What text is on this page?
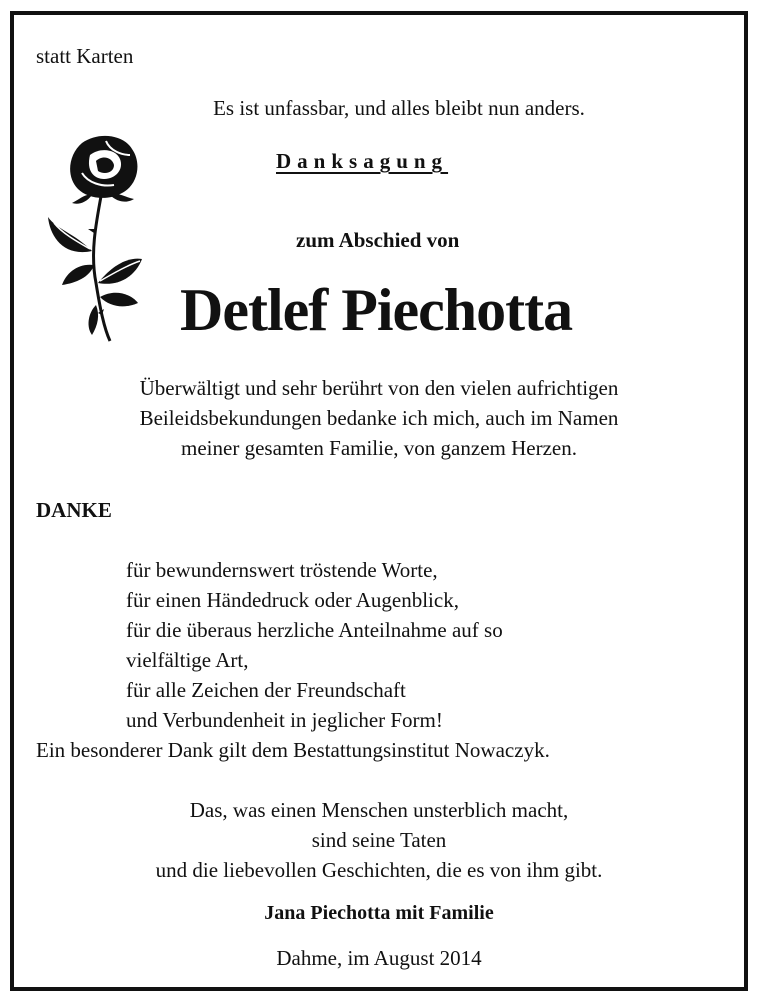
statt Karten
Es ist unfassbar, und alles bleibt nun anders.
Danksagung
zum Abschied von
Detlef Piechotta
Überwältigt und sehr berührt von den vielen aufrichtigen
Beileidsbekundungen bedanke ich mich, auch im Namen
meiner gesamten Familie, von ganzem Herzen.
DANKE
für bewundernswert tröstende Worte,
für einen Händedruck oder Augenblick,
für die überaus herzliche Anteilnahme auf so
vielfältige Art,
für alle Zeichen der Freundschaft
und Verbundenheit in jeglicher Form!
Ein besonderer Dank gilt dem Bestattungsinstitut Nowaczyk.
Das, was einen Menschen unsterblich macht,
sind seine Taten
und die liebevollen Geschichten, die es von ihm gibt.
Jana Piechotta mit Familie
Dahme, im August 2014
